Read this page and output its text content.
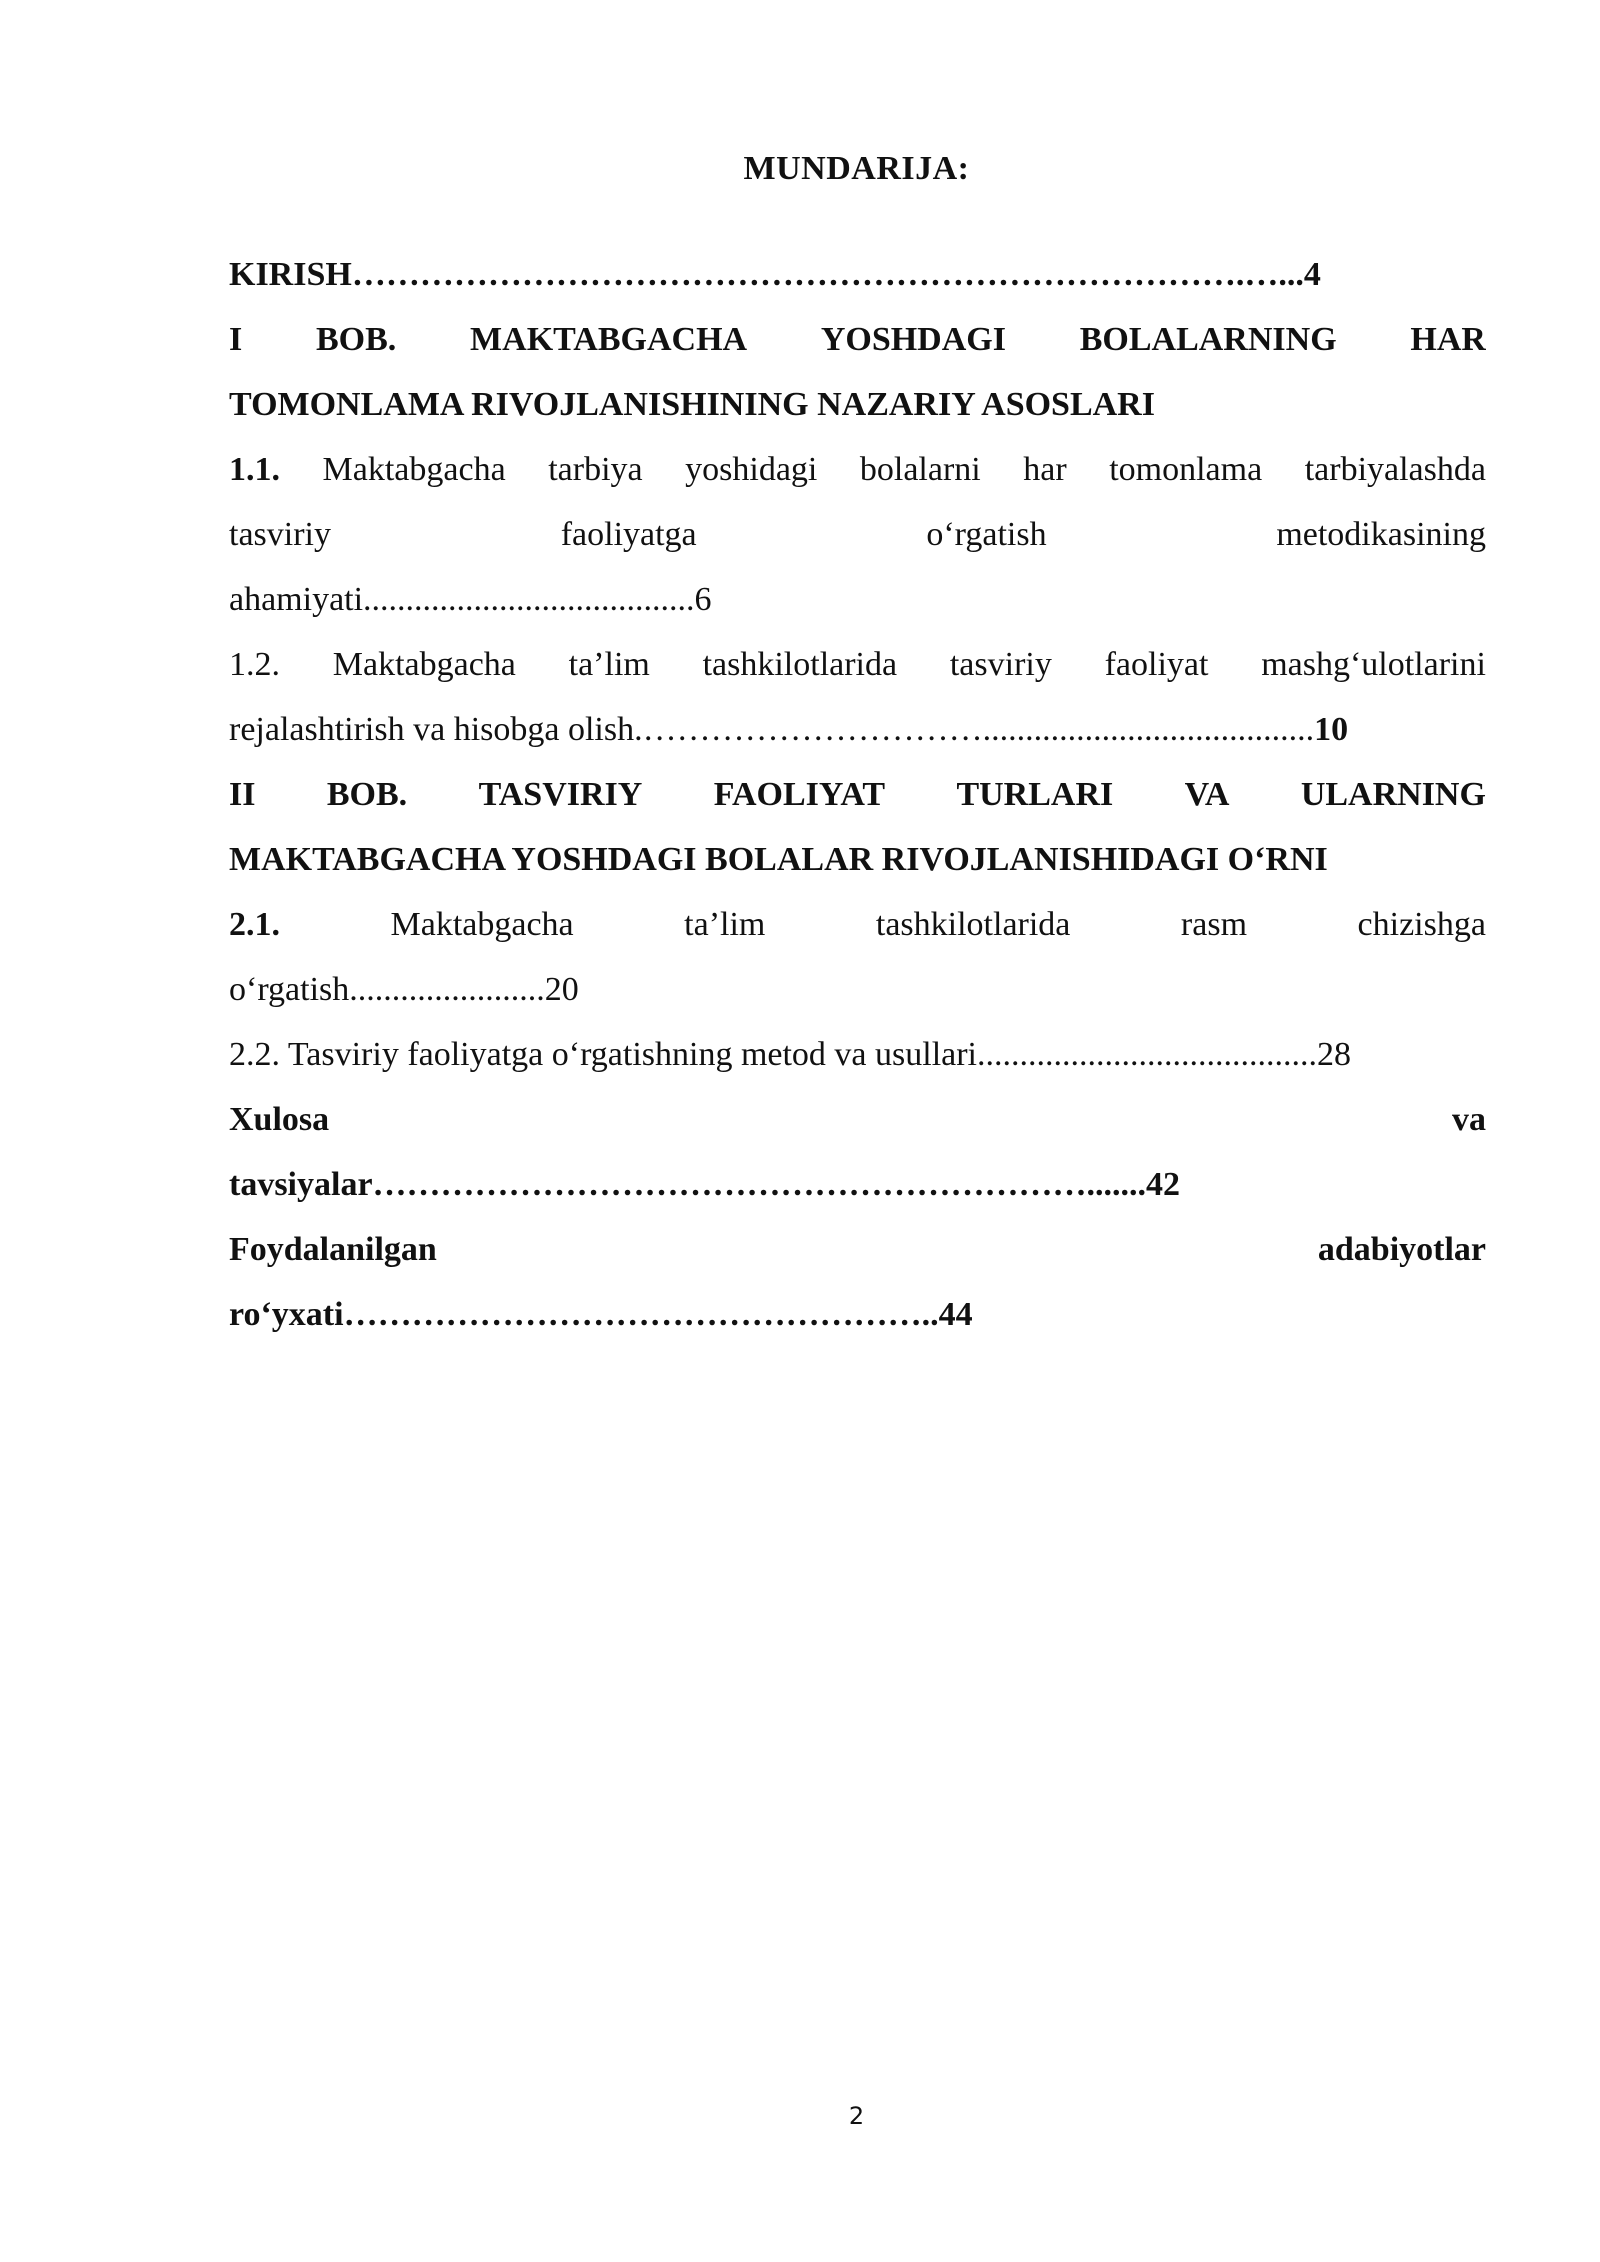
MUNDARIJA:
KIRISH…………………………………………………………………….…...4
I BOB. MAKTABGACHA YOSHDAGI BOLALARNING HAR
TOMONLAMA RIVOJLANISHINING NAZARIY ASOSLARI
1.1. Maktabgacha tarbiya yoshidagi bolalarni har tomonlama tarbiyalashda
tasviriy	faoliyatga	o‘rgatish	metodikasining
ahamiyati.......................................6
1.2. Maktabgacha ta’lim tashkilotlarida tasviriy faoliyat mashg‘ulotlarini
rejalashtirish va hisobga olish.………………………….......................................10
II BOB. TASVIRIY FAOLIYAT TURLARI VA ULARNING
MAKTABGACHA YOSHDAGI BOLALAR RIVOJLANISHIDAGI O‘RNI
2.1.	Maktabgacha	ta’lim	tashkilotlarida	rasm	chizishga
o‘rgatish.......................20
2.2. Tasviriy faoliyatga o‘rgatishning metod va usullari........................................28
Xulosa	va
tavsiyalar……………………………………………………….......42
Foydalanilgan	adabiyotlar
ro‘yxati……………………………………………..44
2
